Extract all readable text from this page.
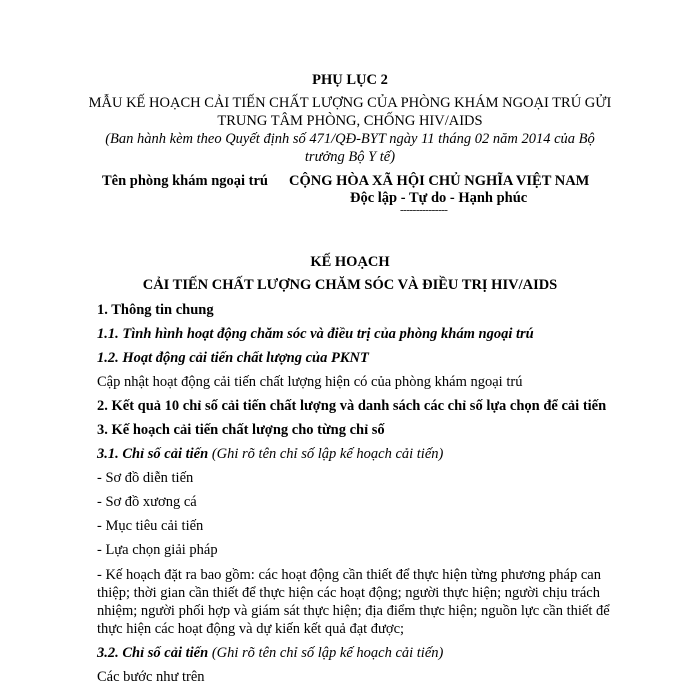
PHỤ LỤC 2
MẪU KẾ HOẠCH CẢI TIẾN CHẤT LƯỢNG CỦA PHÒNG KHÁM NGOẠI TRÚ GỬI
TRUNG TÂM PHÒNG, CHỐNG HIV/AIDS
(Ban hành kèm theo Quyết định số 471/QĐ-BYT ngày 11 tháng 02 năm 2014 của Bộ
trưởng Bộ Y tế)
Tên phòng khám ngoại trú CỘNG HÒA XÃ HỘI CHỦ NGHĨA VIỆT NAM
Độc lập - Tự do - Hạnh phúc
---------------
KẾ HOẠCH
CẢI TIẾN CHẤT LƯỢNG CHĂM SÓC VÀ ĐIỀU TRỊ HIV/AIDS
1. Thông tin chung
1.1. Tình hình hoạt động chăm sóc và điều trị của phòng khám ngoại trú
1.2. Hoạt động cải tiến chất lượng của PKNT
Cập nhật hoạt động cải tiến chất lượng hiện có của phòng khám ngoại trú
2. Kết quả 10 chỉ số cải tiến chất lượng và danh sách các chỉ số lựa chọn để cải tiến
3. Kế hoạch cải tiến chất lượng cho từng chỉ số
3.1. Chỉ số cải tiến (Ghi rõ tên chỉ số lập kế hoạch cải tiến)
- Sơ đồ diễn tiến
- Sơ đồ xương cá
- Mục tiêu cải tiến
- Lựa chọn giải pháp
- Kế hoạch đặt ra bao gồm: các hoạt động cần thiết để thực hiện từng phương pháp can
thiệp; thời gian cần thiết để thực hiện các hoạt động; người thực hiện; người chịu trách
nhiệm; người phối hợp và giám sát thực hiện; địa điểm thực hiện; nguồn lực cần thiết để
thực hiện các hoạt động và dự kiến kết quả đạt được;
3.2. Chỉ số cải tiến (Ghi rõ tên chỉ số lập kế hoạch cải tiến)
Các bước như trên
